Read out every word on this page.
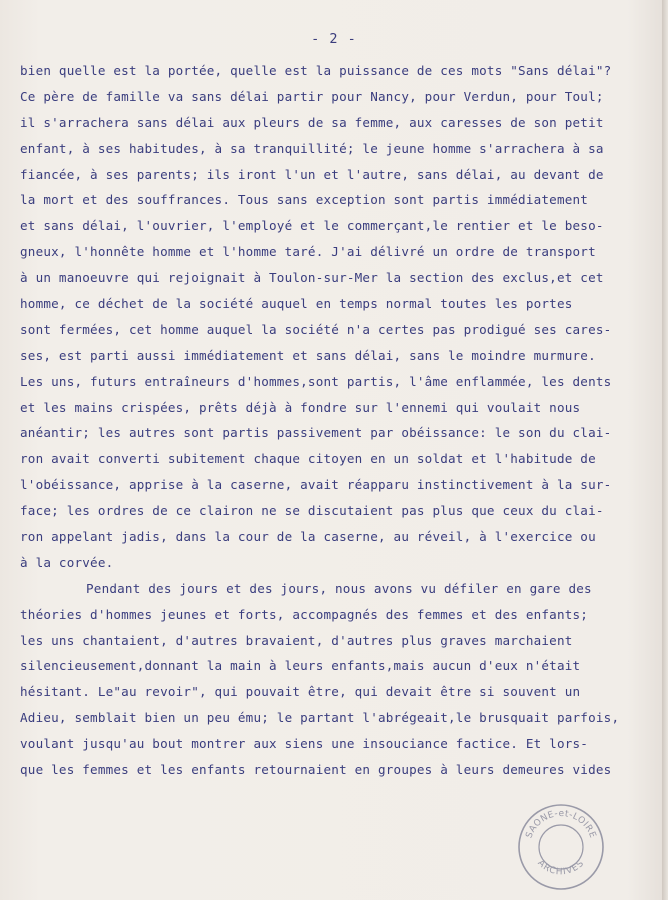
- 2 -
bien quelle est la portée, quelle est la puissance de ces mots "Sans délai"?
Ce père de famille va sans délai partir pour Nancy, pour Verdun, pour Toul;
il s'arrachera sans délai aux pleurs de sa femme, aux caresses de son petit
enfant, à ses habitudes, à sa tranquillité; le jeune homme s'arrachera à sa
fiancée, à ses parents; ils iront l'un et l'autre, sans délai, au devant de
la mort et des souffrances. Tous sans exception sont partis immédiatement
et sans délai, l'ouvrier, l'employé et le commerçant,le rentier et le beso-
gneux, l'honnête homme et l'homme taré. J'ai délivré un ordre de transport
à un manoeuvre qui rejoignait à Toulon-sur-Mer la section des exclus,et cet
homme, ce déchet de la société auquel en temps normal toutes les portes
sont fermées, cet homme auquel la société n'a certes pas prodigué ses cares-
ses, est parti aussi immédiatement et sans délai, sans le moindre murmure.
Les uns, futurs entraîneurs d'hommes,sont partis, l'âme enflammée, les dents
et les mains crispées, prêts déjà à fondre sur l'ennemi qui voulait nous
anéantir; les autres sont partis passivement par obéissance: le son du clai-
ron avait converti subitement chaque citoyen en un soldat et l'habitude de
l'obéissance, apprise à la caserne, avait réapparu instinctivement à la sur-
face; les ordres de ce clairon ne se discutaient pas plus que ceux du clai-
ron appelant jadis, dans la cour de la caserne, au réveil, à l'exercice ou
à la corvée.
Pendant des jours et des jours, nous avons vu défiler en gare des
théories d'hommes jeunes et forts, accompagnés des femmes et des enfants;
les uns chantaient, d'autres bravaient, d'autres plus graves marchaient
silencieusement,donnant la main à leurs enfants,mais aucun d'eux n'était
hésitant. Le"au revoir", qui pouvait être, qui devait être si souvent un
Adieu, semblait bien un peu ému; le partant l'abrégeait,le brusquait parfois,
voulant jusqu'au bout montrer aux siens une insouciance factice. Et lors-
que les femmes et les enfants retournaient en groupes à leurs demeures vides
SAONE-et-LOIRE
ARCHIVES
